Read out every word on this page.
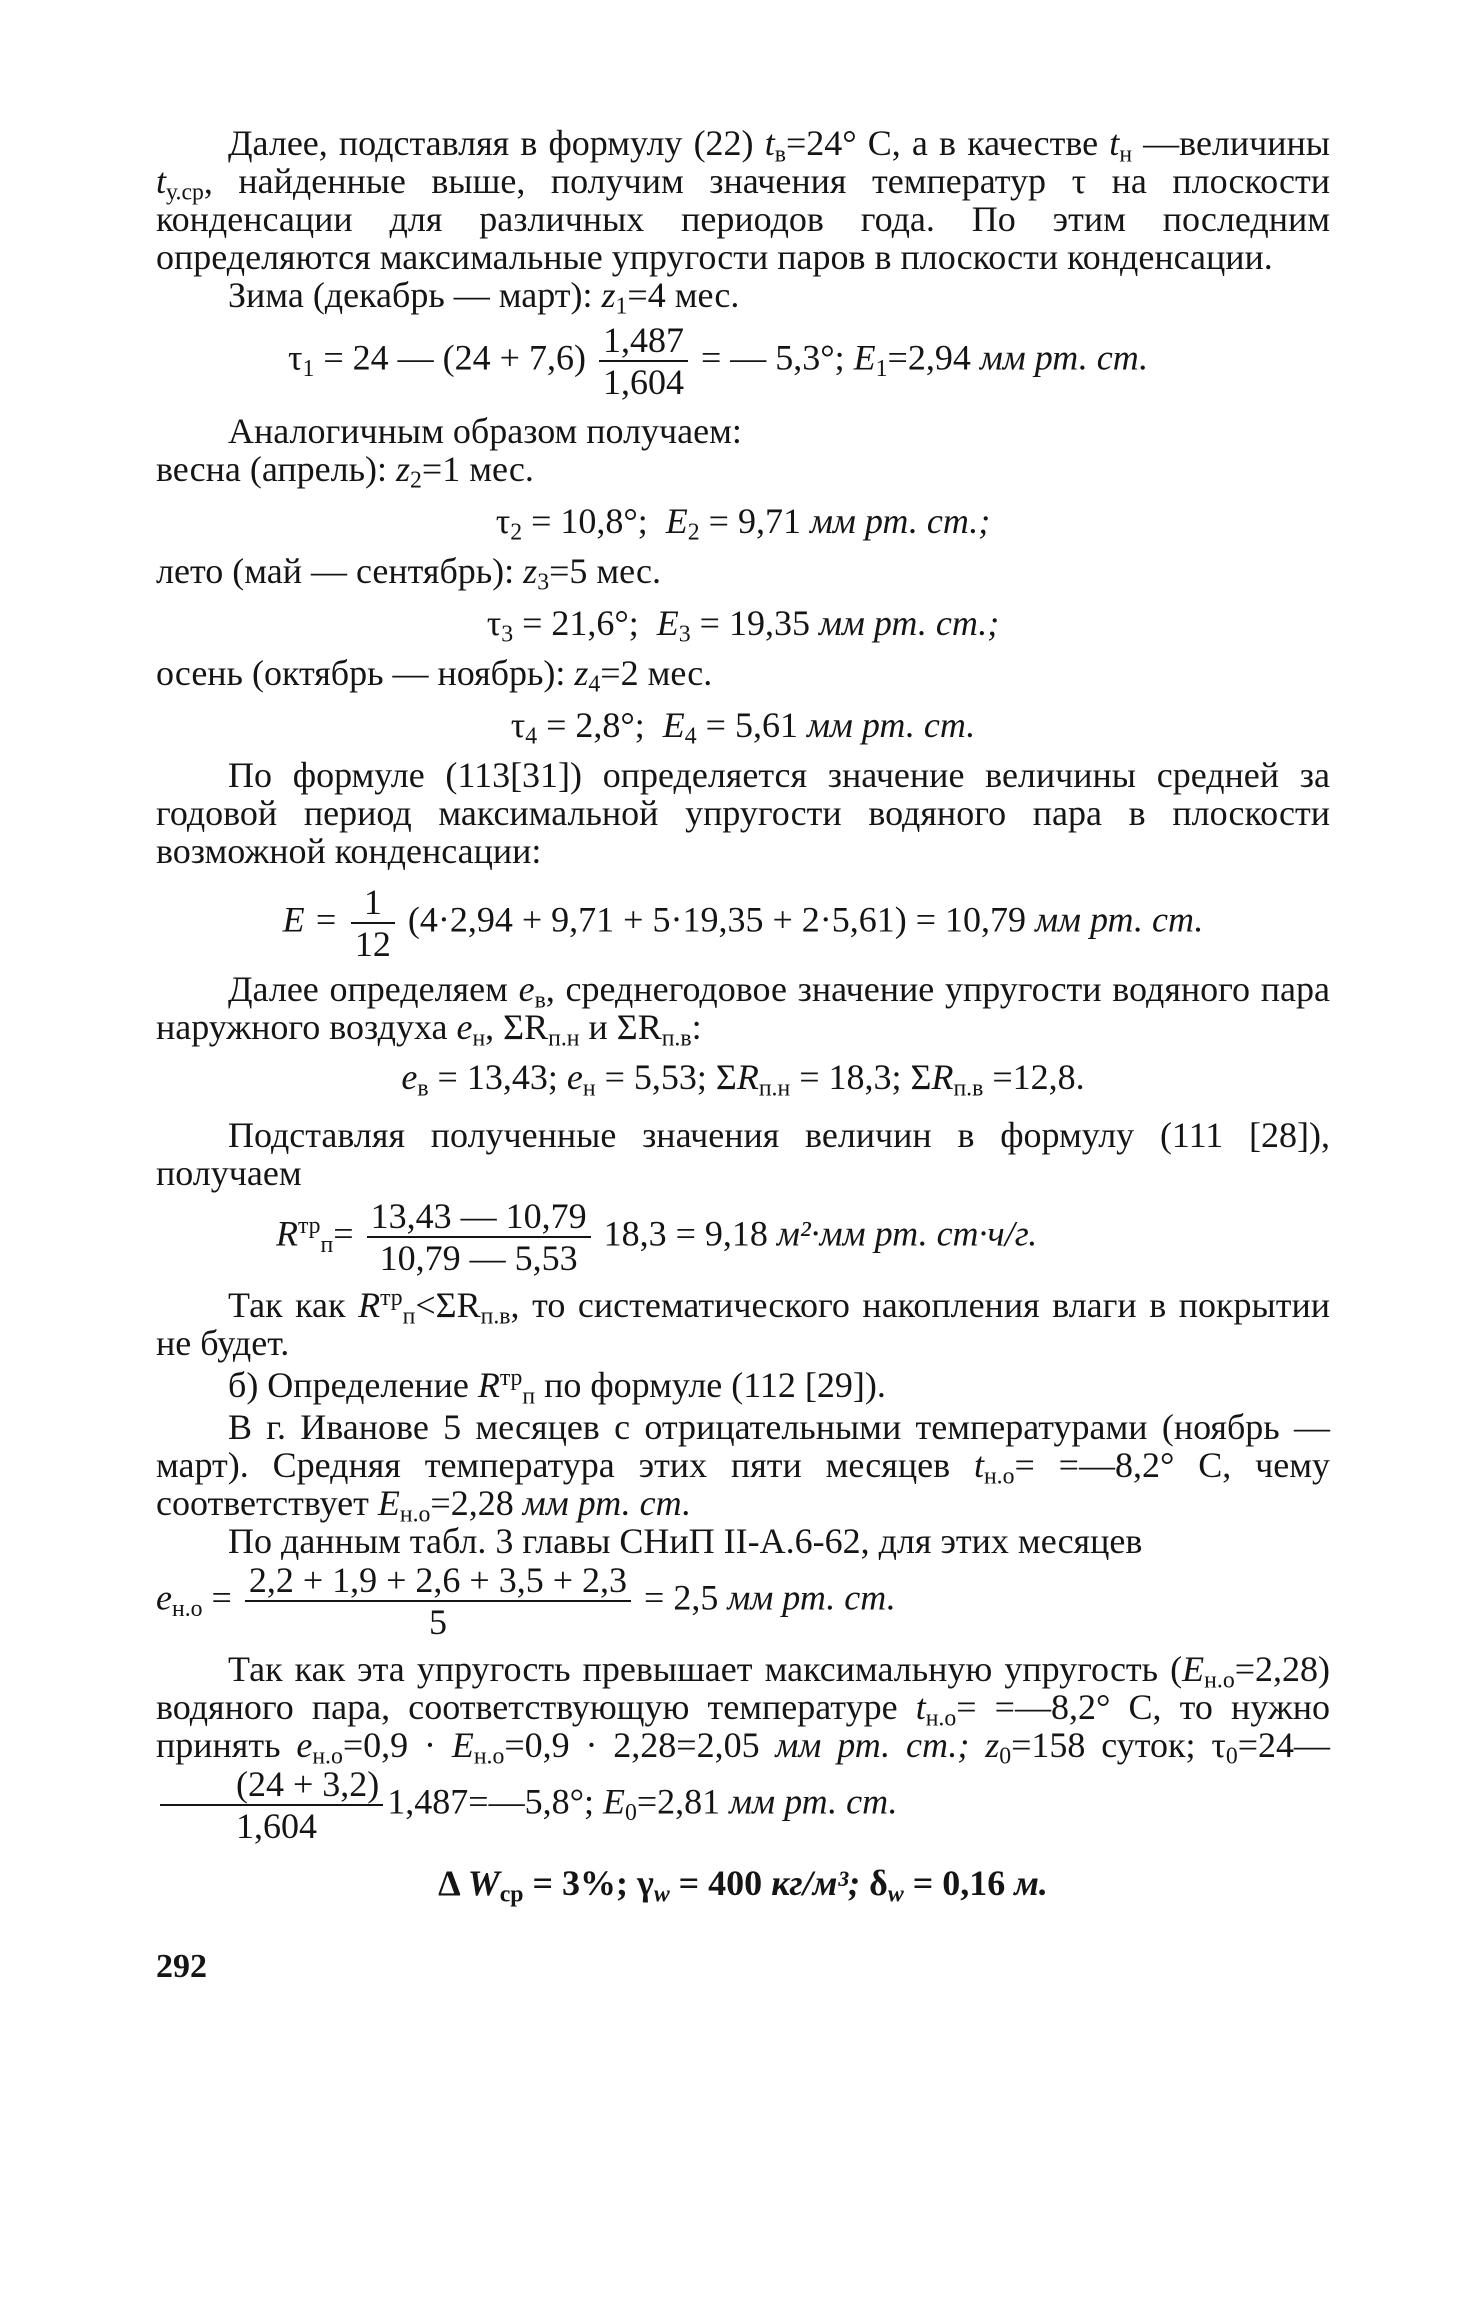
Далее, подставляя в формулу (22) $t_в=24^\circ$ С, а в качестве $t_н$ —величины $t_{у.ср}$, найденные выше, получим значения температур τ на плоскости конденсации для различных периодов года. По этим последним определяются максимальные упругости паров в плоскости конденсации.

Зима (декабрь — март): $z_1=4$ мес.

$\tau_1 = 24$ — $(24 + 7,6) \frac{1,487}{1,604}$ = — 5,3°; $E_1=2,94$ мм рт. ст.

Аналогичным образом получаем:

весна (апрель): $z_2=1$ мес.

$\tau_2 = 10,8^\circ$; $E_2 = 9,71$ мм рт. ст.;

лето (май — сентябрь): $z_3=5$ мес.

$\tau_3 = 21,6^\circ$; $E_3 = 19,35$ мм рт. ст.;

осень (октябрь — ноябрь): $z_4=2$ мес.

$\tau_4 = 2,8^\circ$; $E_4 = 5,61$ мм рт. ст.

По формуле (113[31]) определяется значение величины средней за годовой период максимальной упругости водяного пара в плоскости возможной конденсации:

$E = \frac{1}{12} (4\cdot 2,94 + 9,71 + 5\cdot 19,35 + 2\cdot 5,61) = 10,79$ мм рт. ст.

Далее определяем $e_в$, среднегодовое значение упругости водяного пара наружного воздуха $e_н$, $\Sigma R_{п.н}$ и $\Sigma R_{п.в}$:

$e_в = 13,43$; $e_н = 5,53$; $\Sigma R_{п.н} = 18,3$; $\Sigma R_{п.в} =12,8$.

Подставляя полученные значения величин в формулу (111 [28]), получаем

$R^{тр}_п= \frac{13,43 — 10,79}{10,79 — 5,53} 18,3 = 9,18$ м²·мм рт. ст·ч/г.

Так как $R^{тр}_п<\Sigma R_{п.в}$, то систематического накопления влаги в покрытии не будет.

б) Определение $R^{тр}_п$ по формуле (112 [29]).

В г. Иванове 5 месяцев с отрицательными температурами (ноябрь — март). Средняя температура этих пяти месяцев $t_{н.о}=$ =—8,2° С, чему соответствует $E_{н.о}=2,28$ мм рт. ст.

По данным табл. 3 главы СНиП II-А.6-62, для этих месяцев

$e_{н.о} = \frac{2,2 + 1,9 + 2,6 + 3,5 + 2,3}{5} = 2,5$ мм рт. ст.

Так как эта упругость превышает максимальную упругость $(E_{н.о}=2,28)$ водяного пара, соответствующую температуре $t_{н.о}=$ =—8,2° С, то нужно принять $e_{н.о}=0,9 \cdot E_{н.о}=0,9 \cdot 2,28=2,05$ мм рт. ст.; $z_0=158$ суток; $\tau_0=24—$
$\frac{(24 + 3,2)}{1,604}$ 1,487=—5,8°; $E_0=2,81$ мм рт. ст.

Δ $W_{ср} = 3\%$; $\gamma_w = 400$ кг/м³; $\delta_w = 0,16$ м.

292
